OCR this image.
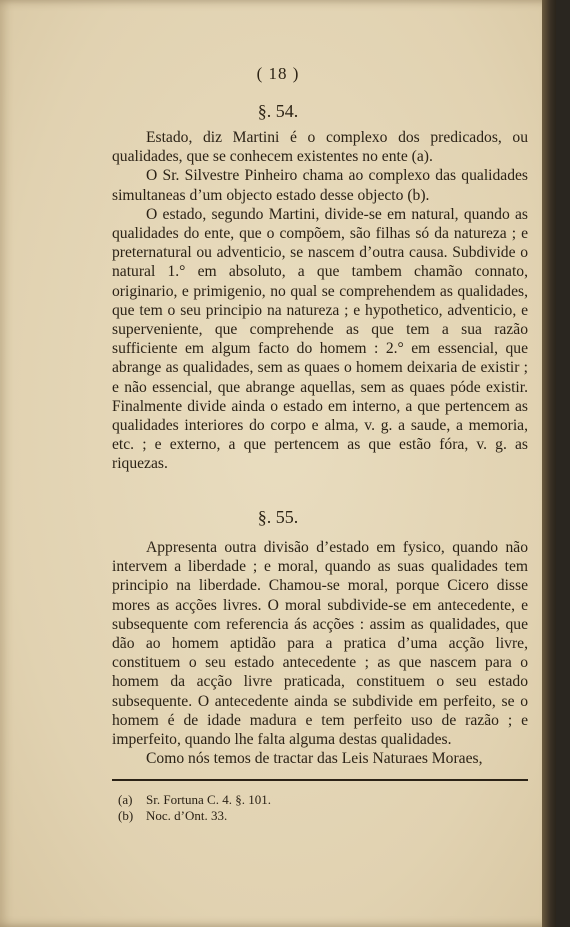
( 18 )
§. 54.

Estado, diz Martini é o complexo dos predicados, ou qualidades, que se conhecem existentes no ente (a).

O Sr. Silvestre Pinheiro chama ao complexo das qualidades simultaneas d’um objecto estado desse objecto (b).

O estado, segundo Martini, divide-se em natural, quando as qualidades do ente, que o compõem, são filhas só da natureza ; e preternatural ou adventicio, se nascem d’outra causa. Subdivide o natural 1.° em absoluto, a que tambem chamão connato, originario, e primigenio, no qual se comprehendem as qualidades, que tem o seu principio na natureza ; e hypothetico, adventicio, e superveniente, que comprehende as que tem a sua razão sufficiente em algum facto do homem : 2.° em essencial, que abrange as qualidades, sem as quaes o homem deixaria de existir ; e não essencial, que abrange aquellas, sem as quaes póde existir. Finalmente divide ainda o estado em interno, a que pertencem as qualidades interiores do corpo e alma, v. g. a saude, a memoria, etc. ; e externo, a que pertencem as que estão fóra, v. g. as riquezas.

§. 55.

Appresenta outra divisão d’estado em fysico, quando não intervem a liberdade ; e moral, quando as suas qualidades tem principio na liberdade. Chamou-se moral, porque Cicero disse mores as acções livres. O moral subdivide-se em antecedente, e subsequente com referencia ás acções : assim as qualidades, que dão ao homem aptidão para a pratica d’uma acção livre, constituem o seu estado antecedente ; as que nascem para o homem da acção livre praticada, constituem o seu estado subsequente. O antecedente ainda se subdivide em perfeito, se o homem é de idade madura e tem perfeito uso de razão ; e imperfeito, quando lhe falta alguma destas qualidades.

Como nós temos de tractar das Leis Naturaes Moraes,

(a) Sr. Fortuna C. 4. §. 101.
(b) Noc. d’Ont. 33.
